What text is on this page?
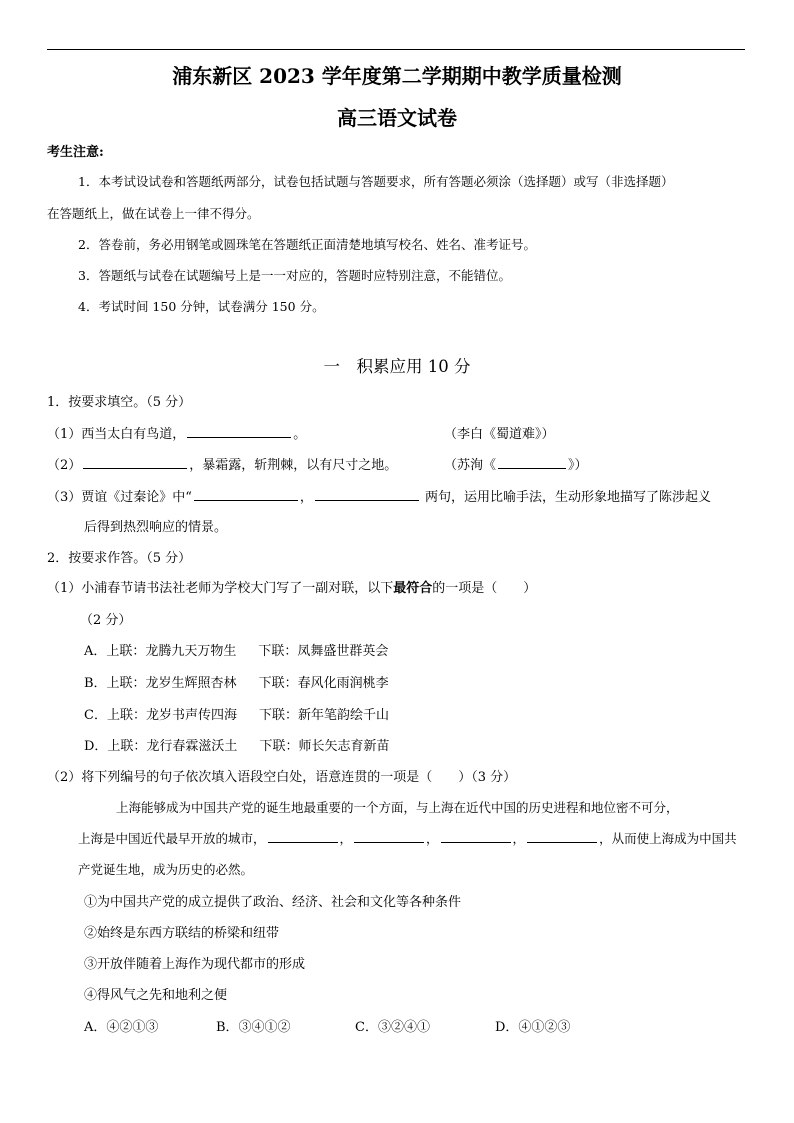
浦东新区 2023 学年度第二学期期中教学质量检测
高三语文试卷
考生注意:
1．本考试设试卷和答题纸两部分，试卷包括试题与答题要求，所有答题必须涂（选择题）或写（非选择题）
在答题纸上，做在试卷上一律不得分。
2．答卷前，务必用钢笔或圆珠笔在答题纸正面清楚地填写校名、姓名、准考证号。
3．答题纸与试卷在试题编号上是一一对应的，答题时应特别注意，不能错位。
4．考试时间 150 分钟，试卷满分 150 分。
一　积累应用 10 分
1．按要求填空。（5 分）
（1）西当太白有鸟道，	。	（李白《蜀道难》）
（2）	，暴霜露，斩荆棘，以有尺寸之地。	（苏洵《	》）
（3）贾谊《过秦论》中“	，	两句，运用比喻手法，生动形象地描写了陈涉起义
后得到热烈响应的情景。
2．按要求作答。（5 分）
（1）小浦春节请书法社老师为学校大门写了一副对联，以下最符合的一项是（　　）
（2 分）
A．上联：龙腾九天万物生 下联：凤舞盛世群英会
B．上联：龙岁生辉照杏林 下联：春风化雨润桃李
C．上联：龙岁书声传四海 下联：新年笔韵绘千山
D．上联：龙行春霖滋沃土 下联：师长矢志育新苗
（2）将下列编号的句子依次填入语段空白处，语意连贯的一项是（　　）（3 分）
上海能够成为中国共产党的诞生地最重要的一个方面，与上海在近代中国的历史进程和地位密不可分，
上海是中国近代最早开放的城市，	，	，	，	，从而使上海成为中国共
产党诞生地，成为历史的必然。
①为中国共产党的成立提供了政治、经济、社会和文化等各种条件
②始终是东西方联结的桥梁和纽带
③开放伴随着上海作为现代都市的形成
④得风气之先和地利之便
A．④②①③	B．③④①②	C．③②④①	D．④①②③
